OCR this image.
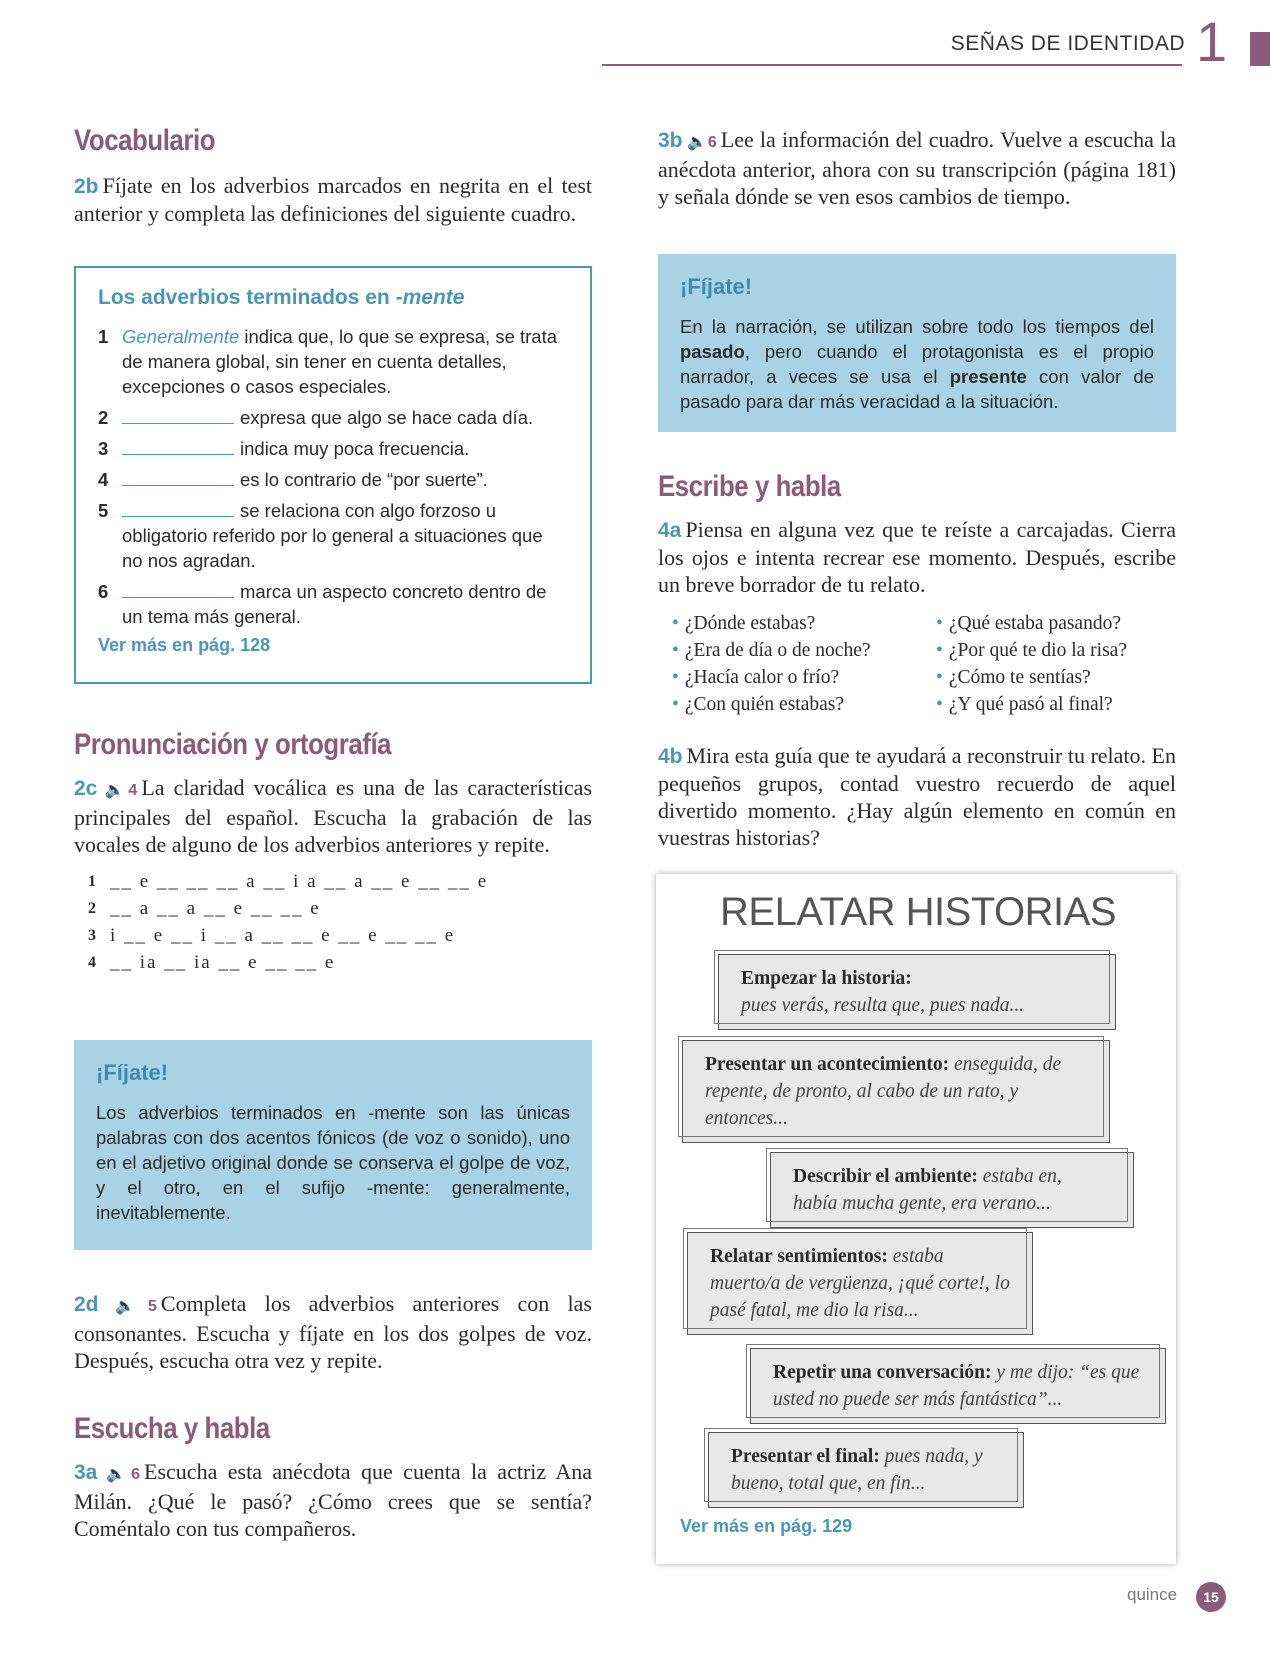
SEÑAS DE IDENTIDAD 1
Vocabulario

2b Fíjate en los adverbios marcados en negrita en el test anterior y completa las definiciones del siguiente cuadro.

Los adverbios terminados en -mente
1 Generalmente indica que, lo que se expresa, se trata de manera global, sin tener en cuenta detalles, excepciones o casos especiales.
2	expresa que algo se hace cada día.
3	indica muy poca frecuencia.
4	es lo contrario de “por suerte”.
5	se relaciona con algo forzoso u obligatorio referido por lo general a situaciones que no nos agradan.
6	marca un aspecto concreto dentro de un tema más general.
Ver más en pág. 128
Pronunciación y ortografía

2c 🔈4 La claridad vocálica es una de las características principales del español. Escucha la grabación de las vocales de alguno de los adverbios anteriores y repite.

1 __ e __ __ __ a __ i a __ a __ e __ __ e
2 __ a __ a __ e __ __ e
3 i __ e __ i __ a __ __ e __ e __ __ e
4 __ ia __ ia __ e __ __ e
¡Fíjate!
Los adverbios terminados en -mente son las únicas palabras con dos acentos fónicos (de voz o sonido), uno en el adjetivo original donde se conserva el golpe de voz, y el otro, en el sufijo -mente: generalmente, inevitablemente.

2d 🔈5 Completa los adverbios anteriores con las consonantes. Escucha y fíjate en los dos golpes de voz. Después, escucha otra vez y repite.

Escucha y habla

3a 🔈6 Escucha esta anécdota que cuenta la actriz Ana Milán. ¿Qué le pasó? ¿Cómo crees que se sentía? Coméntalo con tus compañeros.

3b 🔈6 Lee la información del cuadro. Vuelve a escucha la anécdota anterior, ahora con su transcripción (página 181) y señala dónde se ven esos cambios de tiempo.

¡Fíjate!
En la narración, se utilizan sobre todo los tiempos del pasado, pero cuando el protagonista es el propio narrador, a veces se usa el presente con valor de pasado para dar más veracidad a la situación.
Escribe y habla

4a Piensa en alguna vez que te reíste a carcajadas. Cierra los ojos e intenta recrear ese momento. Después, escribe un breve borrador de tu relato.

• ¿Dónde estabas?
• ¿Era de día o de noche?
• ¿Hacía calor o frío?
• ¿Con quién estabas?
• ¿Qué estaba pasando?
• ¿Por qué te dio la risa?
• ¿Cómo te sentías?
• ¿Y qué pasó al final?

4b Mira esta guía que te ayudará a reconstruir tu relato. En pequeños grupos, contad vuestro recuerdo de aquel divertido momento. ¿Hay algún elemento en común en vuestras historias?

RELATAR HISTORIAS
Empezar la historia:
pues verás, resulta que, pues nada...
Presentar un acontecimiento: enseguida, de repente, de pronto, al cabo de un rato, y entonces...
Describir el ambiente: estaba en, había mucha gente, era verano...
Relatar sentimientos: estaba muerto/a de vergüenza, ¡qué corte!, lo pasé fatal, me dio la risa...
Repetir una conversación: y me dijo: “es que usted no puede ser más fantástica”...
Presentar el final: pues nada, y bueno, total que, en fin...
Ver más en pág. 129
quince	15
